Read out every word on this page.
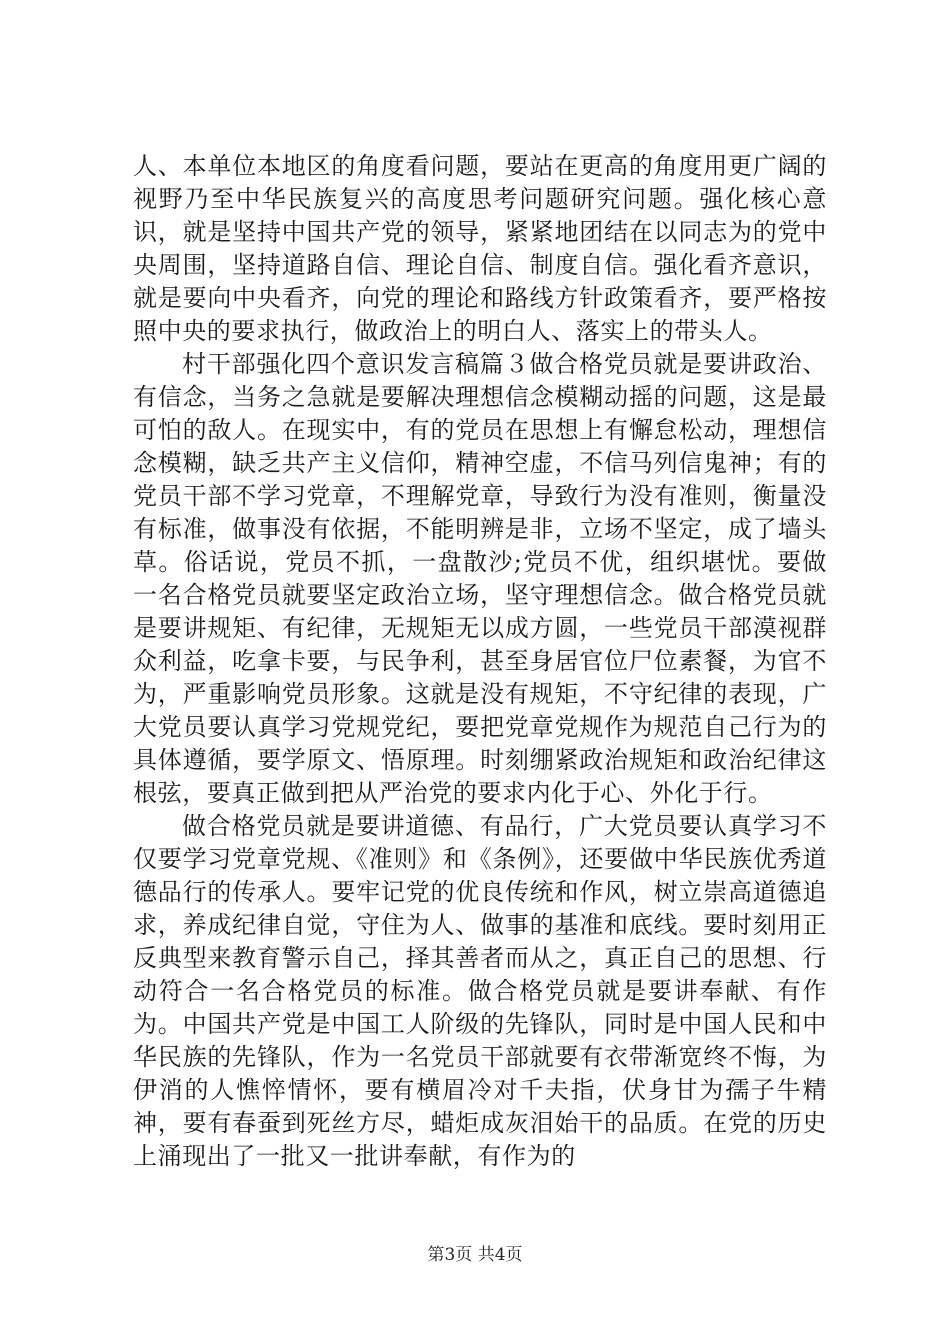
人、本单位本地区的角度看问题，要站在更高的角度用更广阔的视野乃至中华民族复兴的高度思考问题研究问题。强化核心意识，就是坚持中国共产党的领导，紧紧地团结在以同志为的党中央周围，坚持道路自信、理论自信、制度自信。强化看齐意识，就是要向中央看齐，向党的理论和路线方针政策看齐，要严格按照中央的要求执行，做政治上的明白人、落实上的带头人。

村干部强化四个意识发言稿篇３做合格党员就是要讲政治、有信念，当务之急就是要解决理想信念模糊动摇的问题，这是最可怕的敌人。在现实中，有的党员在思想上有懈怠松动，理想信念模糊，缺乏共产主义信仰，精神空虚，不信马列信鬼神；有的党员干部不学习党章，不理解党章，导致行为没有准则，衡量没有标准，做事没有依据，不能明辨是非，立场不坚定，成了墙头草。俗话说，党员不抓，一盘散沙;党员不优，组织堪忧。要做一名合格党员就要坚定政治立场，坚守理想信念。做合格党员就是要讲规矩、有纪律，无规矩无以成方圆，一些党员干部漠视群众利益，吃拿卡要，与民争利，甚至身居官位尸位素餐，为官不为，严重影响党员形象。这就是没有规矩，不守纪律的表现，广大党员要认真学习党规党纪，要把党章党规作为规范自己行为的具体遵循，要学原文、悟原理。时刻绷紧政治规矩和政治纪律这根弦，要真正做到把从严治党的要求内化于心、外化于行。

做合格党员就是要讲道德、有品行，广大党员要认真学习不仅要学习党章党规、《准则》和《条例》，还要做中华民族优秀道德品行的传承人。要牢记党的优良传统和作风，树立崇高道德追求，养成纪律自觉，守住为人、做事的基准和底线。要时刻用正反典型来教育警示自己，择其善者而从之，真正自己的思想、行动符合一名合格党员的标准。做合格党员就是要讲奉献、有作为。中国共产党是中国工人阶级的先锋队，同时是中国人民和中华民族的先锋队，作为一名党员干部就要有衣带渐宽终不悔，为伊消的人憔悴情怀，要有横眉冷对千夫指，伏身甘为孺子牛精神，要有春蚕到死丝方尽，蜡炬成灰泪始干的品质。在党的历史上涌现出了一批又一批讲奉献，有作为的

第3页 共4页
